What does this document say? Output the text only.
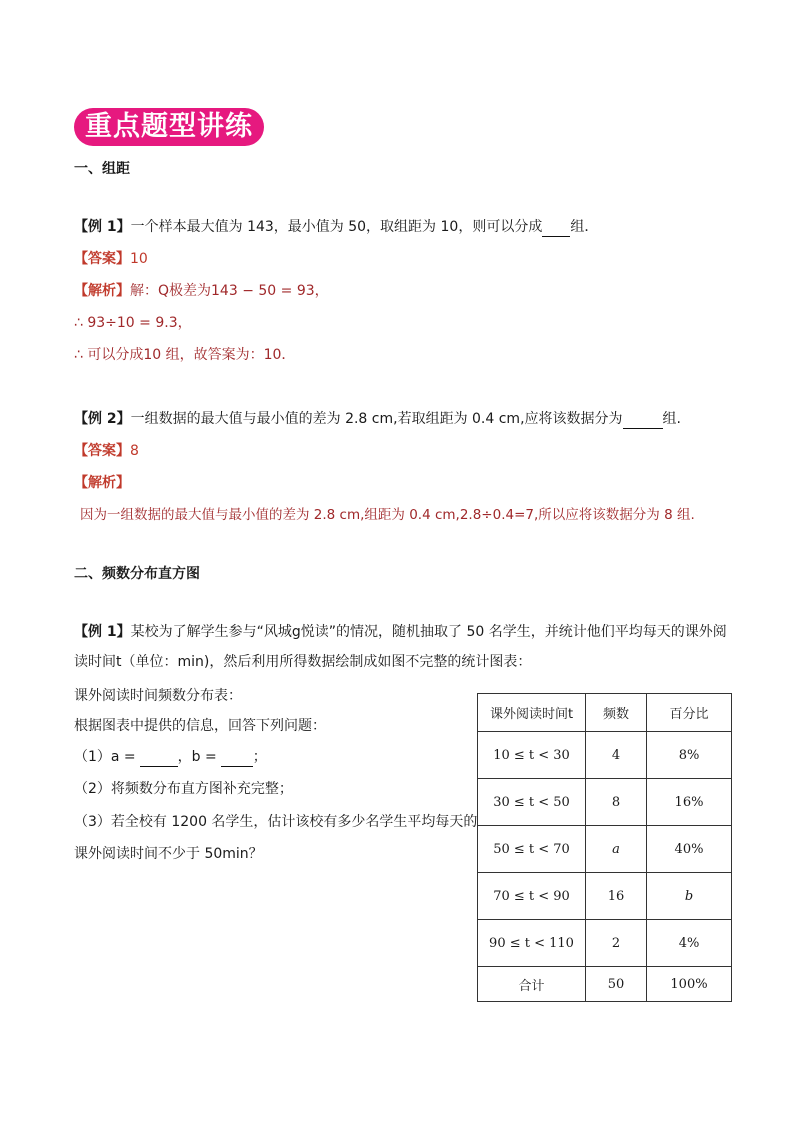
重点题型讲练
一、组距
【例 1】一个样本最大值为 143，最小值为 50，取组距为 10，则可以分成 组．
【答案】10
【解析】解：Q极差为143 − 50 = 93，
∴ 93÷10 = 9.3，
∴ 可以分成10 组，故答案为：10．
【例 2】一组数据的最大值与最小值的差为 2.8 cm,若取组距为 0.4 cm,应将该数据分为	组.
【答案】8
【解析】
因为一组数据的最大值与最小值的差为 2.8 cm,组距为 0.4 cm,2.8÷0.4=7,所以应将该数据分为 8 组.
二、频数分布直方图
【例 1】某校为了解学生参与“风城g悦读”的情况，随机抽取了 50 名学生，并统计他们平均每天的课外阅
读时间t（单位：min)，然后利用所得数据绘制成如图不完整的统计图表：
课外阅读时间频数分布表：
根据图表中提供的信息，回答下列问题：
（1）a =	，b =	；
（2）将频数分布直方图补充完整；
（3）若全校有 1200 名学生，估计该校有多少名学生平均每天的
课外阅读时间不少于 50min？
课外阅读时间t	频数	百分比
10 ≤ t < 30	4	8%
30 ≤ t < 50	8	16%
50 ≤ t < 70	a	40%
70 ≤ t < 90	16	b
90 ≤ t < 110	2	4%
合计	50	100%
